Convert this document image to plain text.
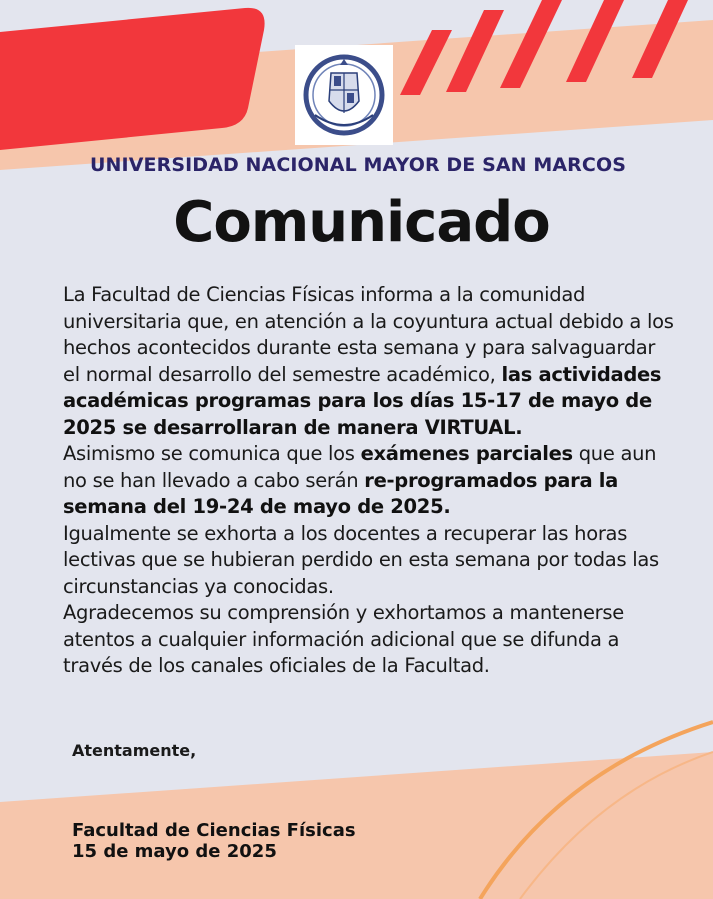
UNIVERSIDAD NACIONAL MAYOR DE SAN MARCOS
Comunicado

La Facultad de Ciencias Físicas informa a la comunidad universitaria que, en atención a la coyuntura actual debido a los hechos acontecidos durante esta semana y para salvaguardar el normal desarrollo del semestre académico, las actividades académicas programas para los días 15-17 de mayo de 2025 se desarrollaran de manera VIRTUAL.

Asimismo se comunica que los exámenes parciales que aun no se han llevado a cabo serán re-programados para la semana del 19-24 de mayo de 2025.

Igualmente se exhorta a los docentes a recuperar las horas lectivas que se hubieran perdido en esta semana por todas las circunstancias ya conocidas.

Agradecemos su comprensión y exhortamos a mantenerse atentos a cualquier información adicional que se difunda a través de los canales oficiales de la Facultad.

Atentamente,
Facultad de Ciencias Físicas
15 de mayo de 2025
